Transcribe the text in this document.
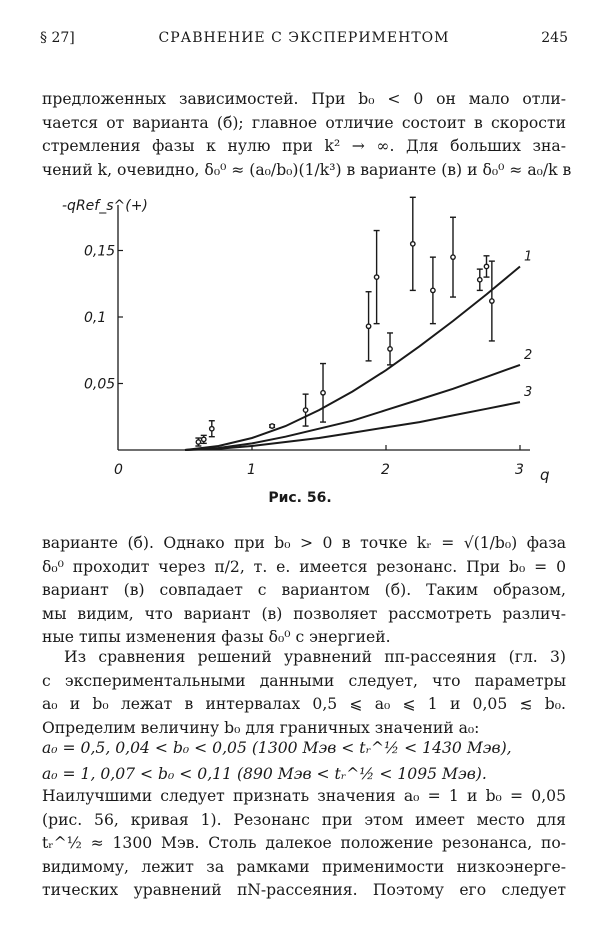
§ 27]	СРАВНЕНИЕ С ЭКСПЕРИМЕНТОМ	245
предложенных зависимостей. При b₀ < 0 он мало отли-
чается от варианта (б); главное отличие состоит в скорости
стремления фазы к нулю при k² → ∞. Для больших зна-
чений k, очевидно, δ₀⁰ ≈ (a₀/b₀)(1/k³) в варианте (в) и δ₀⁰ ≈ a₀/k в
0	1	2	3
0,05
0,1
0,15	1
2
3
-qRef_s^(+)
q
Рис. 56.
варианте (б). Однако при b₀ > 0 в точке kᵣ = √(1/b₀) фаза
δ₀⁰ проходит через π/2, т. е. имеется резонанс. При b₀ = 0
вариант (в) совпадает с вариантом (б). Таким образом,
мы видим, что вариант (в) позволяет рассмотреть различ-
ные типы изменения фазы δ₀⁰ с энергией.
Из сравнения решений уравнений ππ-рассеяния (гл. 3)
с экспериментальными данными следует, что параметры
a₀ и b₀ лежат в интервалах 0,5 ⩽ a₀ ⩽ 1 и 0,05 ≲ b₀.
Определим величину b₀ для граничных значений a₀:
a₀ = 0,5, 0,04 < b₀ < 0,05 (1300 Мэв < tᵣ^½ < 1430 Мэв),
a₀ = 1, 0,07 < b₀ < 0,11 (890 Мэв < tᵣ^½ < 1095 Мэв).
Наилучшими следует признать значения a₀ = 1 и b₀ = 0,05
(рис. 56, кривая 1). Резонанс при этом имеет место для
tᵣ^½ ≈ 1300 Мэв. Столь далекое положение резонанса, по-
видимому, лежит за рамками применимости низкоэнерге-
тических уравнений πN-рассеяния. Поэтому его следует
